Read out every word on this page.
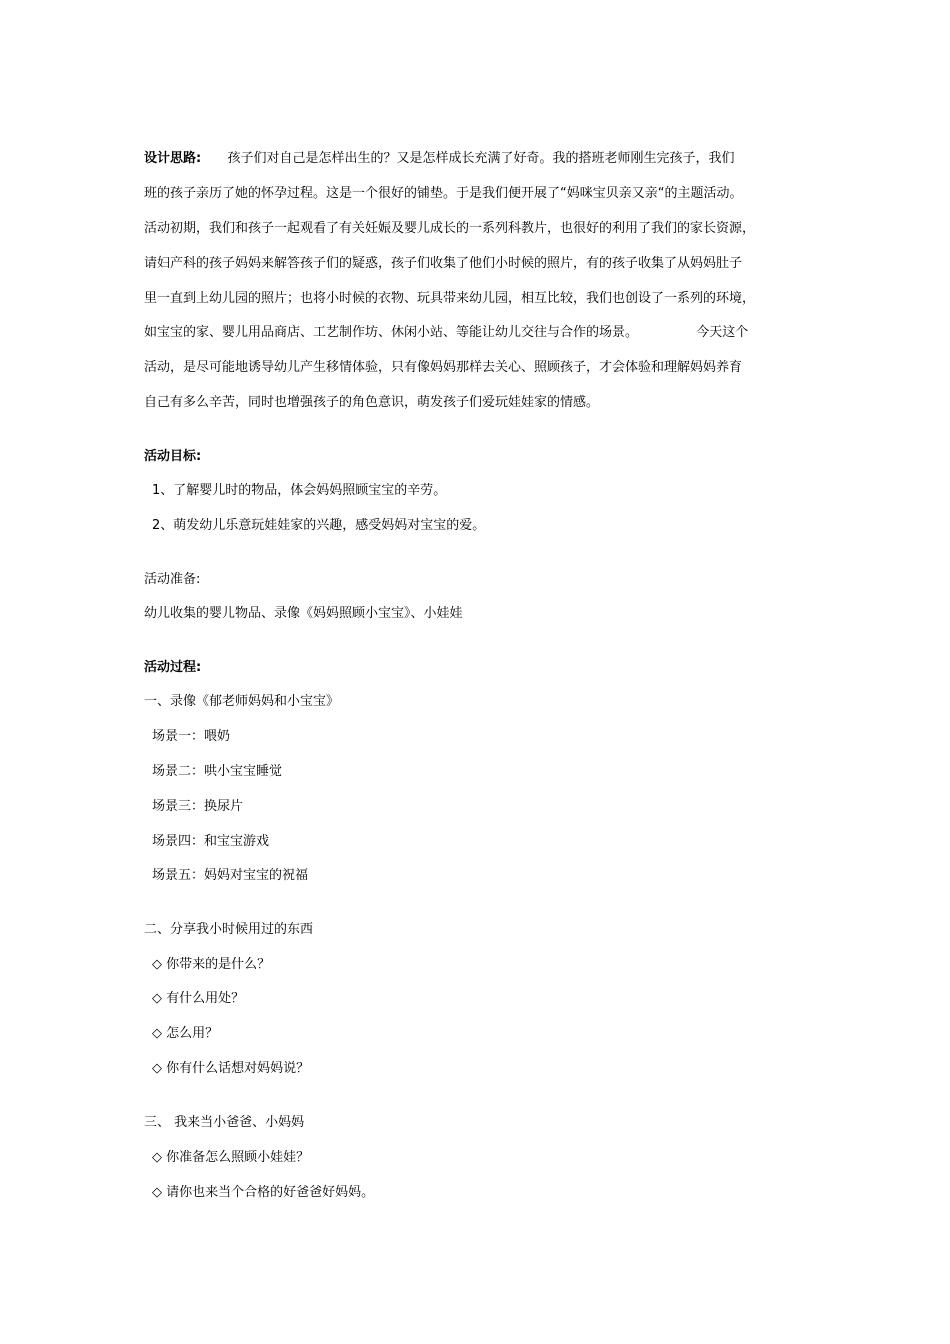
设计思路: 孩子们对自己是怎样出生的？又是怎样成长充满了好奇。我的搭班老师刚生完孩子，我们
班的孩子亲历了她的怀孕过程。这是一个很好的铺垫。于是我们便开展了“妈咪宝贝亲又亲“的主题活动。
活动初期，我们和孩子一起观看了有关妊娠及婴儿成长的一系列科教片，也很好的利用了我们的家长资源，
请妇产科的孩子妈妈来解答孩子们的疑惑，孩子们收集了他们小时候的照片，有的孩子收集了从妈妈肚子
里一直到上幼儿园的照片；也将小时候的衣物、玩具带来幼儿园，相互比较，我们也创设了一系列的环境，
如宝宝的家、婴儿用品商店、工艺制作坊、休闲小站、等能让幼儿交往与合作的场景。	今天这个
活动，是尽可能地诱导幼儿产生移情体验，只有像妈妈那样去关心、照顾孩子，才会体验和理解妈妈养育
自己有多么辛苦，同时也增强孩子的角色意识，萌发孩子们爱玩娃娃家的情感。
活动目标:
1、了解婴儿时的物品，体会妈妈照顾宝宝的辛劳。
2、萌发幼儿乐意玩娃娃家的兴趣，感受妈妈对宝宝的爱。
活动准备:
幼儿收集的婴儿物品、录像《妈妈照顾小宝宝》、小娃娃
活动过程:
一、录像《郁老师妈妈和小宝宝》
场景一：喂奶
场景二：哄小宝宝睡觉
场景三：换尿片
场景四：和宝宝游戏
场景五：妈妈对宝宝的祝福
二、分享我小时候用过的东西
◇ 你带来的是什么？
◇ 有什么用处？
◇ 怎么用？
◇ 你有什么话想对妈妈说？
三、 我来当小爸爸、小妈妈
◇ 你准备怎么照顾小娃娃？
◇ 请你也来当个合格的好爸爸好妈妈。
